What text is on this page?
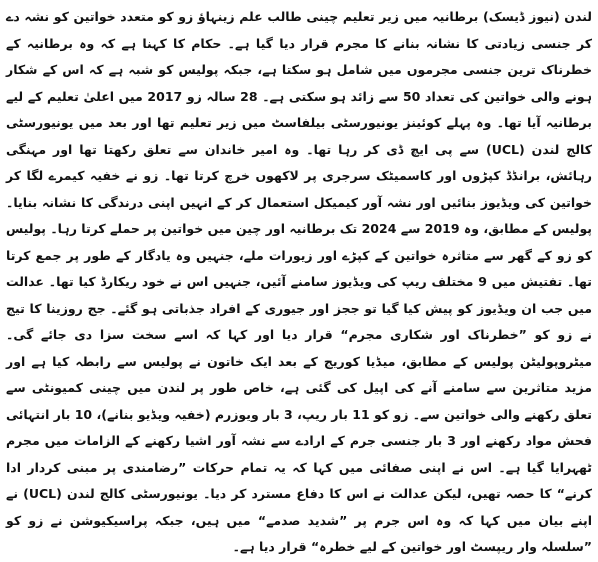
لندن (نیوز ڈیسک) برطانیہ میں زیر تعلیم چینی طالب علم زینہاؤ زو کو متعدد خواتین کو نشہ دے کر جنسی زیادتی کا نشانہ بنانے کا مجرم قرار دیا گیا ہے۔ حکام کا کہنا ہے کہ وہ برطانیہ کے خطرناک ترین جنسی مجرموں میں شامل ہو سکتا ہے، جبکہ پولیس کو شبہ ہے کہ اس کے شکار ہونے والی خواتین کی تعداد 50 سے زائد ہو سکتی ہے۔ 28 سالہ زو 2017 میں اعلیٰ تعلیم کے لیے برطانیہ آیا تھا۔ وہ پہلے کوئینز یونیورسٹی بیلفاسٹ میں زیر تعلیم تھا اور بعد میں یونیورسٹی کالج لندن (UCL) سے پی ایچ ڈی کر رہا تھا۔ وہ امیر خاندان سے تعلق رکھتا تھا اور مہنگی رہائش، برانڈڈ کپڑوں اور کاسمیٹک سرجری پر لاکھوں خرچ کرتا تھا۔ زو نے خفیہ کیمرے لگا کر خواتین کی ویڈیوز بنائیں اور نشہ آور کیمیکل استعمال کر کے انہیں اپنی درندگی کا نشانہ بنایا۔ پولیس کے مطابق، وہ 2019 سے 2024 تک برطانیہ اور چین میں خواتین پر حملے کرتا رہا۔ پولیس کو زو کے گھر سے متاثرہ خواتین کے کپڑے اور زیورات ملے، جنہیں وہ یادگار کے طور پر جمع کرتا تھا۔ تفتیش میں 9 مختلف ریپ کی ویڈیوز سامنے آئیں، جنہیں اس نے خود ریکارڈ کیا تھا۔ عدالت میں جب ان ویڈیوز کو پیش کیا گیا تو ججز اور جیوری کے افراد جذباتی ہو گئے۔ جج روزینا کا تیج نے زو کو ”خطرناک اور شکاری مجرم“ قرار دیا اور کہا کہ اسے سخت سزا دی جائے گی۔ میٹروپولیٹن پولیس کے مطابق، میڈیا کوریج کے بعد ایک خاتون نے پولیس سے رابطہ کیا ہے اور مزید متاثرین سے سامنے آنے کی اپیل کی گئی ہے، خاص طور پر لندن میں چینی کمیونٹی سے تعلق رکھنے والی خواتین سے۔ زو کو 11 بار ریپ، 3 بار ویوزرم (خفیہ ویڈیو بنانے)، 10 بار انتہائی فحش مواد رکھنے اور 3 بار جنسی جرم کے ارادے سے نشہ آور اشیا رکھنے کے الزامات میں مجرم ٹھہرایا گیا ہے۔ اس نے اپنی صفائی میں کہا کہ یہ تمام حرکات ”رضامندی پر مبنی کردار ادا کرنے“ کا حصہ تھیں، لیکن عدالت نے اس کا دفاع مسترد کر دیا۔ یونیورسٹی کالج لندن (UCL) نے اپنے بیان میں کہا کہ وہ اس جرم پر ”شدید صدمے“ میں ہیں، جبکہ پراسیکیوشن نے زو کو ”سلسلہ وار ریپسٹ اور خواتین کے لیے خطرہ“ قرار دیا ہے۔
